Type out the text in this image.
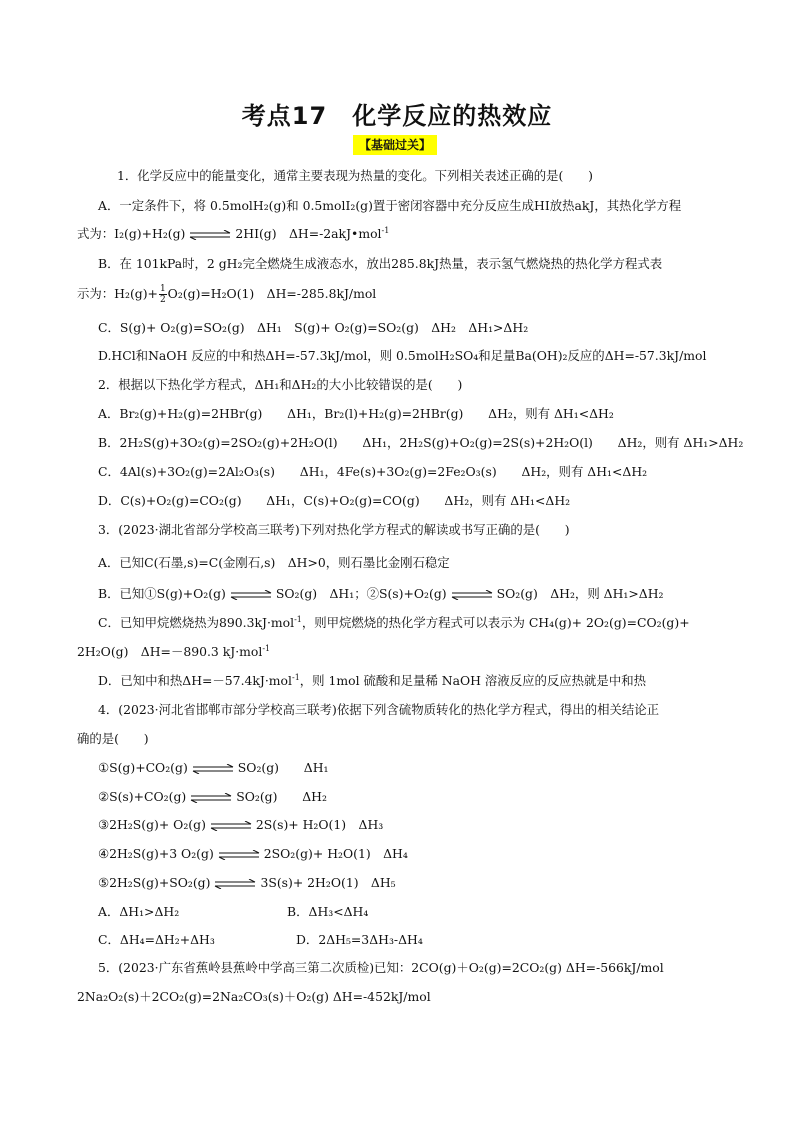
考点17　化学反应的热效应
【基础过关】
1．化学反应中的能量变化，通常主要表现为热量的变化。下列相关表述正确的是(　　)
A．一定条件下，将 0.5molH₂(g)和 0.5molI₂(g)置于密闭容器中充分反应生成HI放热akJ，其热化学方程
式为：I₂(g)+H₂(g) ⇌ 2HI(g)　ΔH=-2akJ•mol$^{-1}$
B．在 101kPa时，2 gH₂完全燃烧生成液态水，放出285.8kJ热量，表示氢气燃烧热的热化学方程式表
示为：$H_2(g)+ \frac{1}{2} O_2(g)=H_2O(1)$　ΔH=-285.8kJ/mol
C．S(g)+ O₂(g)=SO₂(g)　ΔH₁　S(g)+ O₂(g)=SO₂(g)　ΔH₂　ΔH₁>ΔH₂
D.HCl和NaOH 反应的中和热ΔH=-57.3kJ/mol，则 0.5molH₂SO₄和足量Ba(OH)₂反应的ΔH=-57.3kJ/mol
2．根据以下热化学方程式，ΔH₁和ΔH₂的大小比较错误的是(　　)
A．Br₂(g)+H₂(g)=2HBr(g)　　ΔH₁，Br₂(l)+H₂(g)=2HBr(g)　　ΔH₂，则有 ΔH₁<ΔH₂
B．2H₂S(g)+3O₂(g)=2SO₂(g)+2H₂O(l)　　ΔH₁，2H₂S(g)+O₂(g)=2S(s)+2H₂O(l)　　ΔH₂，则有 ΔH₁>ΔH₂
C．4Al(s)+3O₂(g)=2Al₂O₃(s)　　ΔH₁，4Fe(s)+3O₂(g)=2Fe₂O₃(s)　　ΔH₂，则有 ΔH₁<ΔH₂
D．C(s)+O₂(g)=CO₂(g)　　ΔH₁，C(s)+O₂(g)=CO(g)　　ΔH₂，则有 ΔH₁<ΔH₂
3．(2023·湖北省部分学校高三联考)下列对热化学方程式的解读或书写正确的是(　　)
A．已知C(石墨,s)=C(金刚石,s)　ΔH>0，则石墨比金刚石稳定
B．已知①S(g)+O₂(g) ⇌ SO₂(g)　ΔH₁；②S(s)+O₂(g) ⇌ SO₂(g)　ΔH₂，则 ΔH₁>ΔH₂
C．已知甲烷燃烧热为890.3kJ·mol$^{-1}$，则甲烷燃烧的热化学方程式可以表示为 CH₄(g)+ 2O₂(g)=CO₂(g)+
2H₂O(g)　ΔH=－890.3 kJ·mol$^{-1}$
D．已知中和热ΔH=－57.4kJ·mol$^{-1}$，则 1mol 硫酸和足量稀 NaOH 溶液反应的反应热就是中和热
4．(2023·河北省邯郸市部分学校高三联考)依据下列含硫物质转化的热化学方程式，得出的相关结论正
确的是(　　)
①S(g)+CO₂(g) ⇌ SO₂(g)　　ΔH₁
②S(s)+CO₂(g) ⇌ SO₂(g)　　ΔH₂
③2H₂S(g)+ O₂(g) ⇌ 2S(s)+ H₂O(1)　ΔH₃
④2H₂S(g)+3 O₂(g) ⇌ 2SO₂(g)+ H₂O(1)　ΔH₄
⑤2H₂S(g)+SO₂(g) ⇌ 3S(s)+ 2H₂O(1)　ΔH₅
A．ΔH₁>ΔH₂	B．ΔH₃<ΔH₄
C．ΔH₄=ΔH₂+ΔH₃	D．2ΔH₅=3ΔH₃-ΔH₄
5．(2023·广东省蕉岭县蕉岭中学高三第二次质检)已知：2CO(g)＋O₂(g)=2CO₂(g) ΔH=-566kJ/mol
2Na₂O₂(s)＋2CO₂(g)=2Na₂CO₃(s)＋O₂(g) ΔH=-452kJ/mol
